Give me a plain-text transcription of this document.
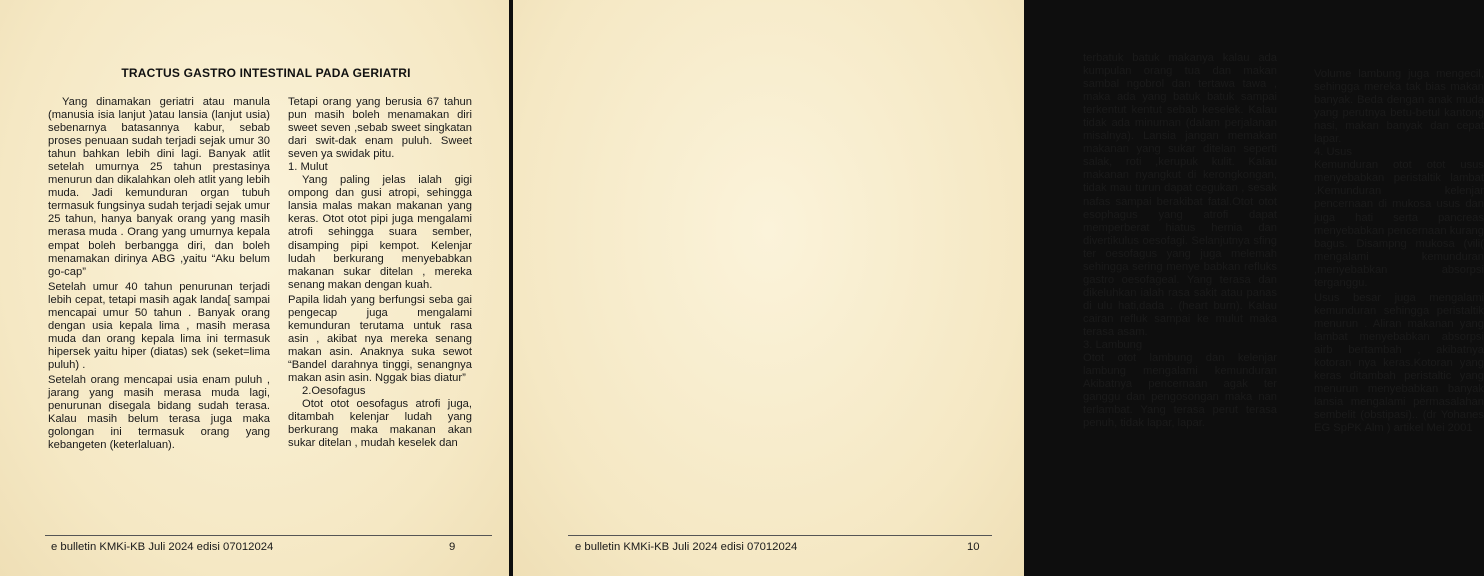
TRACTUS GASTRO INTESTINAL PADA GERIATRI

Yang dinamakan geriatri atau manula (manusia isia lanjut )atau lansia (lanjut usia) sebenarnya batasannya kabur, sebab proses penuaan sudah terjadi sejak umur 30 tahun bahkan lebih dini lagi. Banyak atlit setelah umurnya 25 tahun prestasinya menurun dan dikalahkan oleh atlit yang lebih muda. Jadi kemunduran organ tubuh termasuk fungsinya sudah terjadi sejak umur 25 tahun, hanya banyak orang yang masih merasa muda . Orang yang umurnya kepala empat boleh berbangga diri, dan boleh menamakan dirinya ABG ,yaitu “Aku belum go-cap”

Setelah umur 40 tahun penurunan terjadi lebih cepat, tetapi masih agak landa[ sampai mencapai umur 50 tahun . Banyak orang dengan usia kepala lima , masih merasa muda dan orang kepala lima ini termasuk hipersek yaitu hiper (diatas) sek (seket=lima puluh) .

Setelah orang mencapai usia enam puluh , jarang yang masih merasa muda lagi, penurunan disegala bidang sudah terasa. Kalau masih belum terasa juga maka golongan ini termasuk orang yang kebangeten (keterlaluan).

Tetapi orang yang berusia 67 tahun pun masih boleh menamakan diri sweet seven ,sebab sweet singkatan dari swit-dak enam puluh. Sweet seven ya swidak pitu.

1. Mulut

Yang paling jelas ialah gigi ompong dan gusi atropi, sehingga lansia malas makan makanan yang keras. Otot otot pipi juga mengalami atrofi sehingga suara sember, disamping pipi kempot. Kelenjar ludah berkurang menyebabkan makanan sukar ditelan , mereka senang makan dengan kuah.

Papila lidah yang berfungsi seba gai pengecap juga mengalami kemunduran terutama untuk rasa asin , akibat nya mereka senang makan asin. Anaknya suka sewot “Bandel darahnya tinggi, senangnya makan asin asin. Nggak bias diatur”

2.Oesofagus

Otot otot oesofagus atrofi juga, ditambah kelenjar ludah yang berkurang maka makanan akan sukar ditelan , mudah keselek dan

e bulletin KMKi-KB Juli 2024 edisi 07012024	9

terbatuk batuk makanya kalau ada kumpulan orang tua dan makan sambal ngobrol dan tertawa tawa , maka ada yang batuk batuk sampai terkentut kentut sebab keselek. Kalau tidak ada minuman (dalam perjalanan misalnya). Lansia jangan memakan makanan yang sukar ditelan seperti salak, roti ,kerupuk kulit. Kalau makanan nyangkut di kerongkongan, tidak mau turun dapat cegukan , sesak nafas sampai berakibat fatal.Otot otot esophagus yang atrofi dapat memperberat hiatus hernia dan divertikulus oesofagi. Selanjutnya sfing ter oesofagus yang juga melemah sehingga sering menye babkan refluks gastro oesofageal. Yang terasa dan dikeluhkan ialah rasa sakit atau panas di ulu hati,dada . (heart burn). Kalau cairan refluk sampai ke mulut maka terasa asam.

3. Lambung

Otot otot lambung dan kelenjar lambung mengalami kemunduran Akibatnya pencernaan agak ter ganggu dan pengosongan maka nan terlambat. Yang terasa perut terasa penuh, tidak lapar, lapar.

Volume lambung juga mengecil, sehingga mereka tak bias makan banyak. Beda dengan anak muda yang perutnya betu-betul kantong nasi, makan banyak dan cepat lapar.

4. Usus

Kemunduran otot otot usus menyebabkan peristaltik lambat .Kemunduran kelenjar pencernaan di mukosa usus dan juga hati serta pancreas menyebabkan pencernaan kurang bagus. Disampng mukosa (vili( mengalami kemunduran ,menyebabkan absorpsi terganggu.

Usus besar juga mengalami kemunduran sehingga peristaltik menurun . Aliran makanan yang lambat menyebabkan absorpsi airb bertambah , akibatnya kotoran nya keras.Kotoran yang keras ditambah peristaltic yang menurun menyebabkan banyak lansia mengalami permasalahan sembelit (obstipasi).. (dr Yohanes EG SpPK Alm ) artikel Mei 2001

e bulletin KMKi-KB Juli 2024 edisi 07012024	10
